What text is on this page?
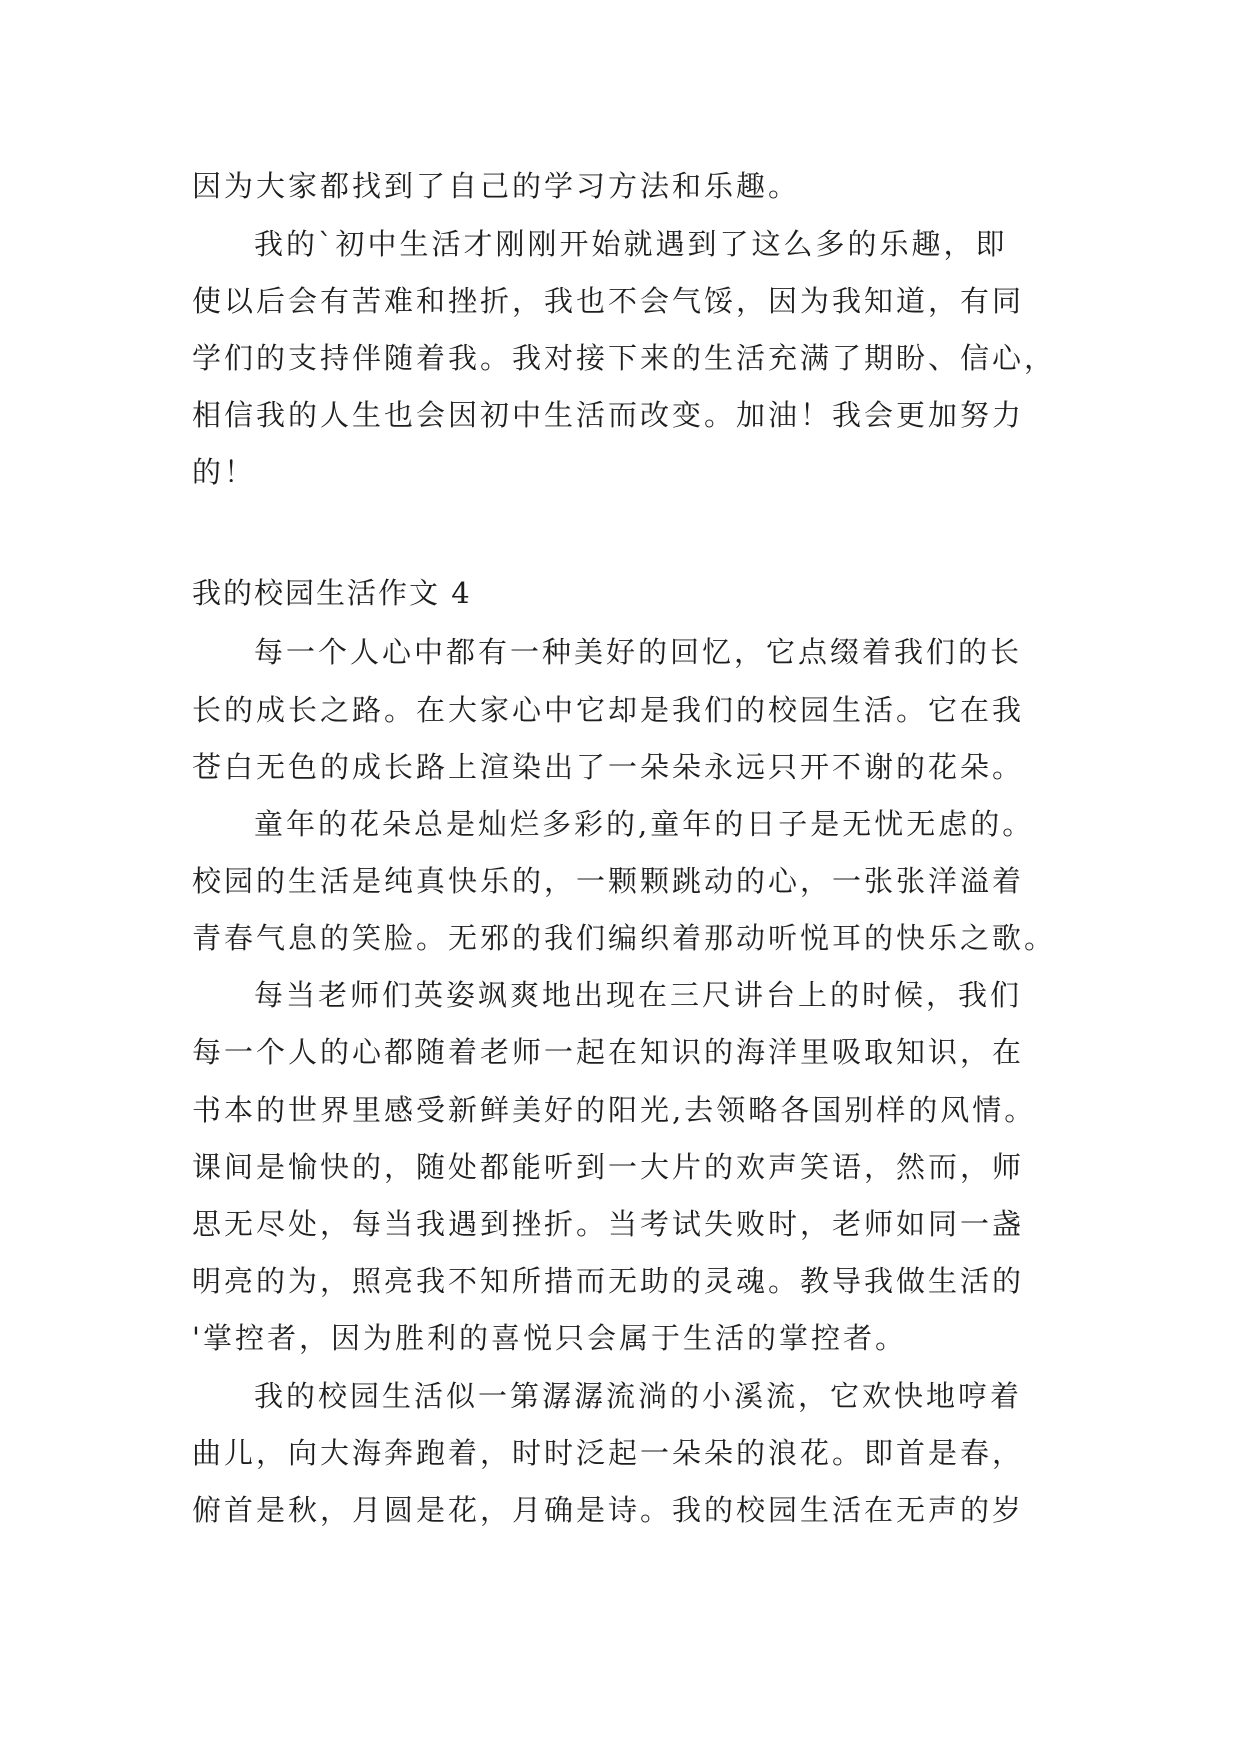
因为大家都找到了自己的学习方法和乐趣。
我的`初中生活才刚刚开始就遇到了这么多的乐趣，即
使以后会有苦难和挫折，我也不会气馁，因为我知道，有同
学们的支持伴随着我。我对接下来的生活充满了期盼、信心，
相信我的人生也会因初中生活而改变。加油！我会更加努力
的！
我的校园生活作文 4
每一个人心中都有一种美好的回忆，它点缀着我们的长
长的成长之路。在大家心中它却是我们的校园生活。它在我
苍白无色的成长路上渲染出了一朵朵永远只开不谢的花朵。
童年的花朵总是灿烂多彩的,童年的日子是无忧无虑的。
校园的生活是纯真快乐的，一颗颗跳动的心，一张张洋溢着
青春气息的笑脸。无邪的我们编织着那动听悦耳的快乐之歌。
每当老师们英姿飒爽地出现在三尺讲台上的时候，我们
每一个人的心都随着老师一起在知识的海洋里吸取知识，在
书本的世界里感受新鲜美好的阳光,去领略各国别样的风情。
课间是愉快的，随处都能听到一大片的欢声笑语，然而，师
思无尽处，每当我遇到挫折。当考试失败时，老师如同一盏
明亮的为，照亮我不知所措而无助的灵魂。教导我做生活的
'掌控者，因为胜利的喜悦只会属于生活的掌控者。
我的校园生活似一第潺潺流淌的小溪流，它欢快地哼着
曲儿，向大海奔跑着，时时泛起一朵朵的浪花。即首是春，
俯首是秋，月圆是花，月确是诗。我的校园生活在无声的岁
